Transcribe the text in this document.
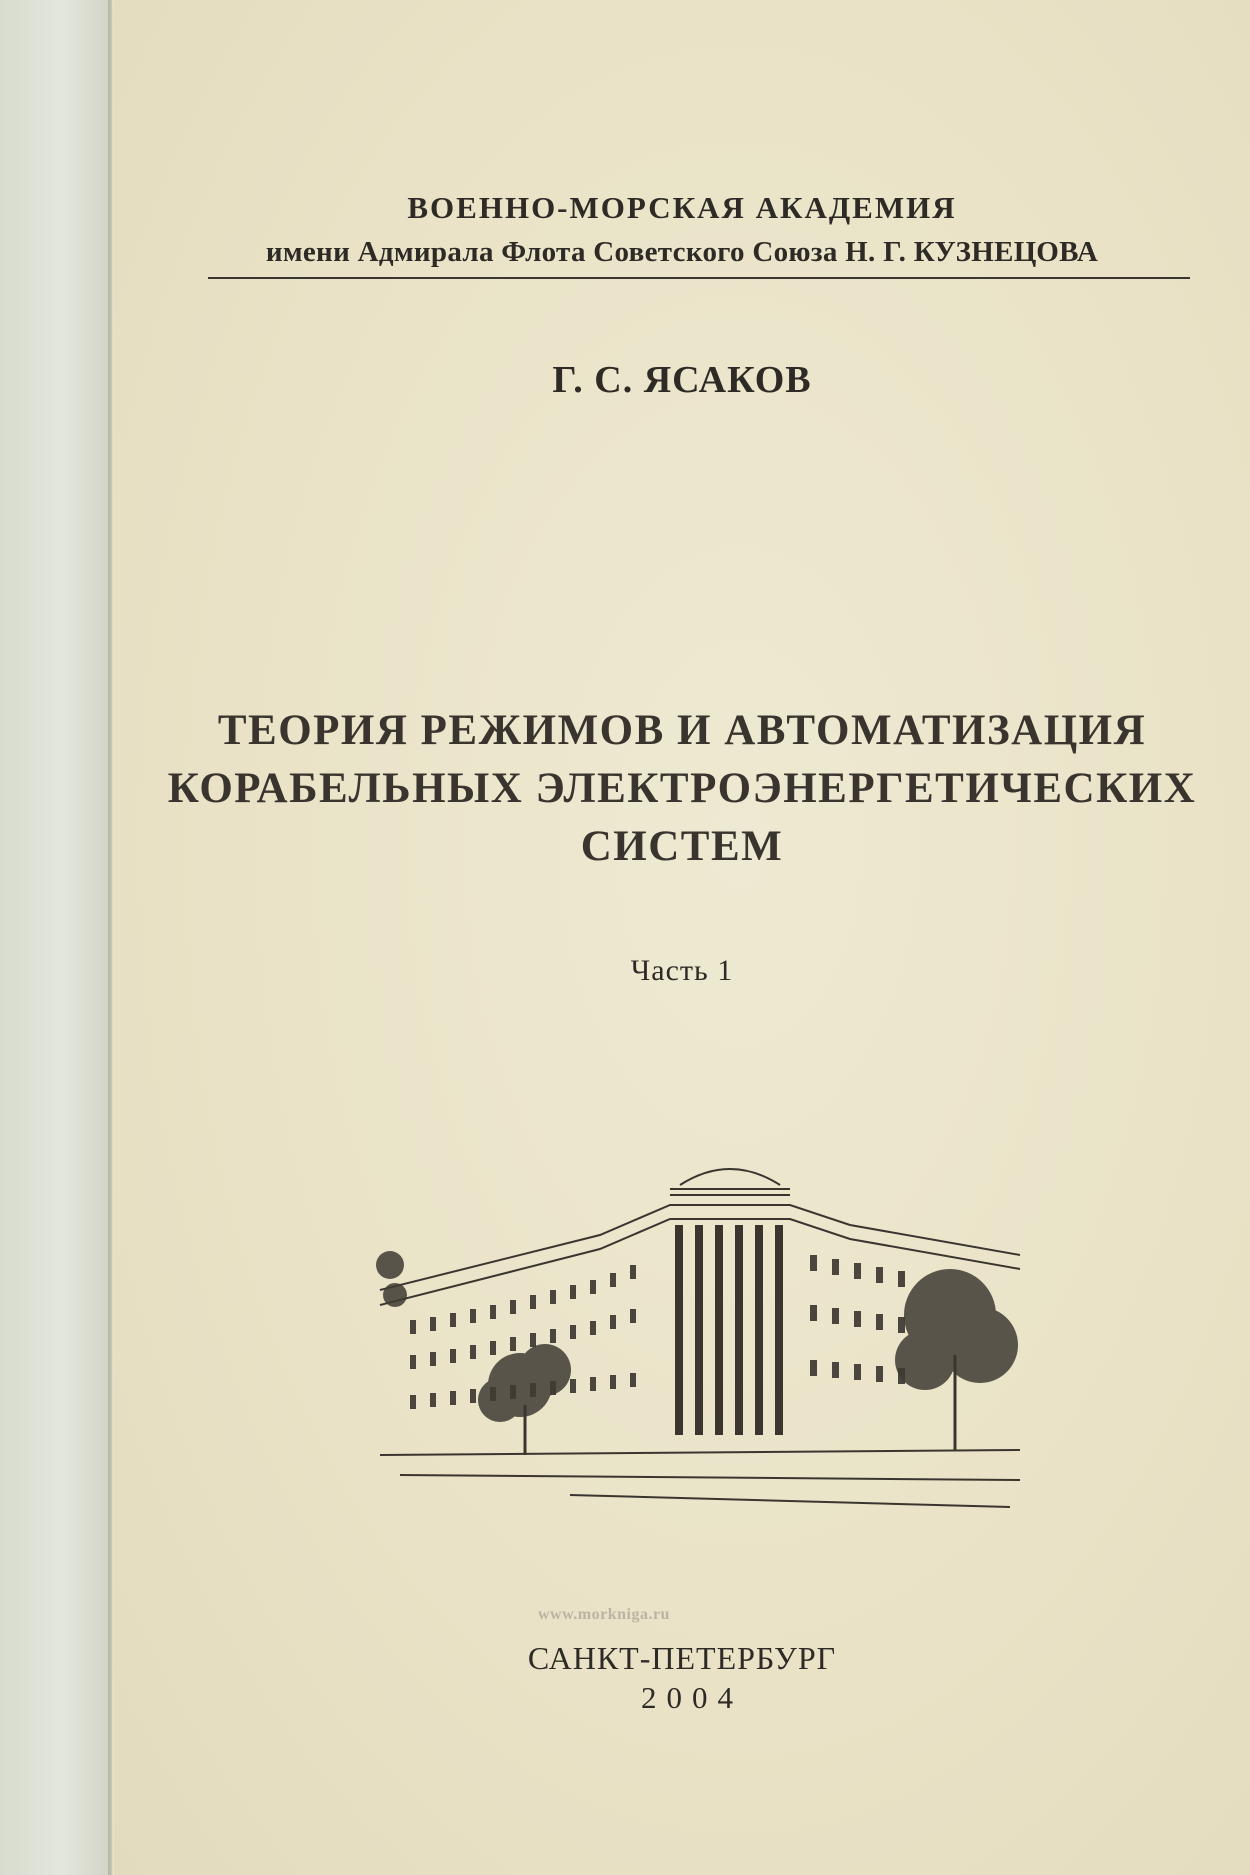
ВОЕННО-МОРСКАЯ АКАДЕМИЯ
имени Адмирала Флота Советского Союза Н. Г. КУЗНЕЦОВА
Г. С. ЯСАКОВ
ТЕОРИЯ РЕЖИМОВ И АВТОМАТИЗАЦИЯ
КОРАБЕЛЬНЫХ ЭЛЕКТРОЭНЕРГЕТИЧЕСКИХ
СИСТЕМ
Часть 1
www.morkniga.ru
САНКТ-ПЕТЕРБУРГ
2004
